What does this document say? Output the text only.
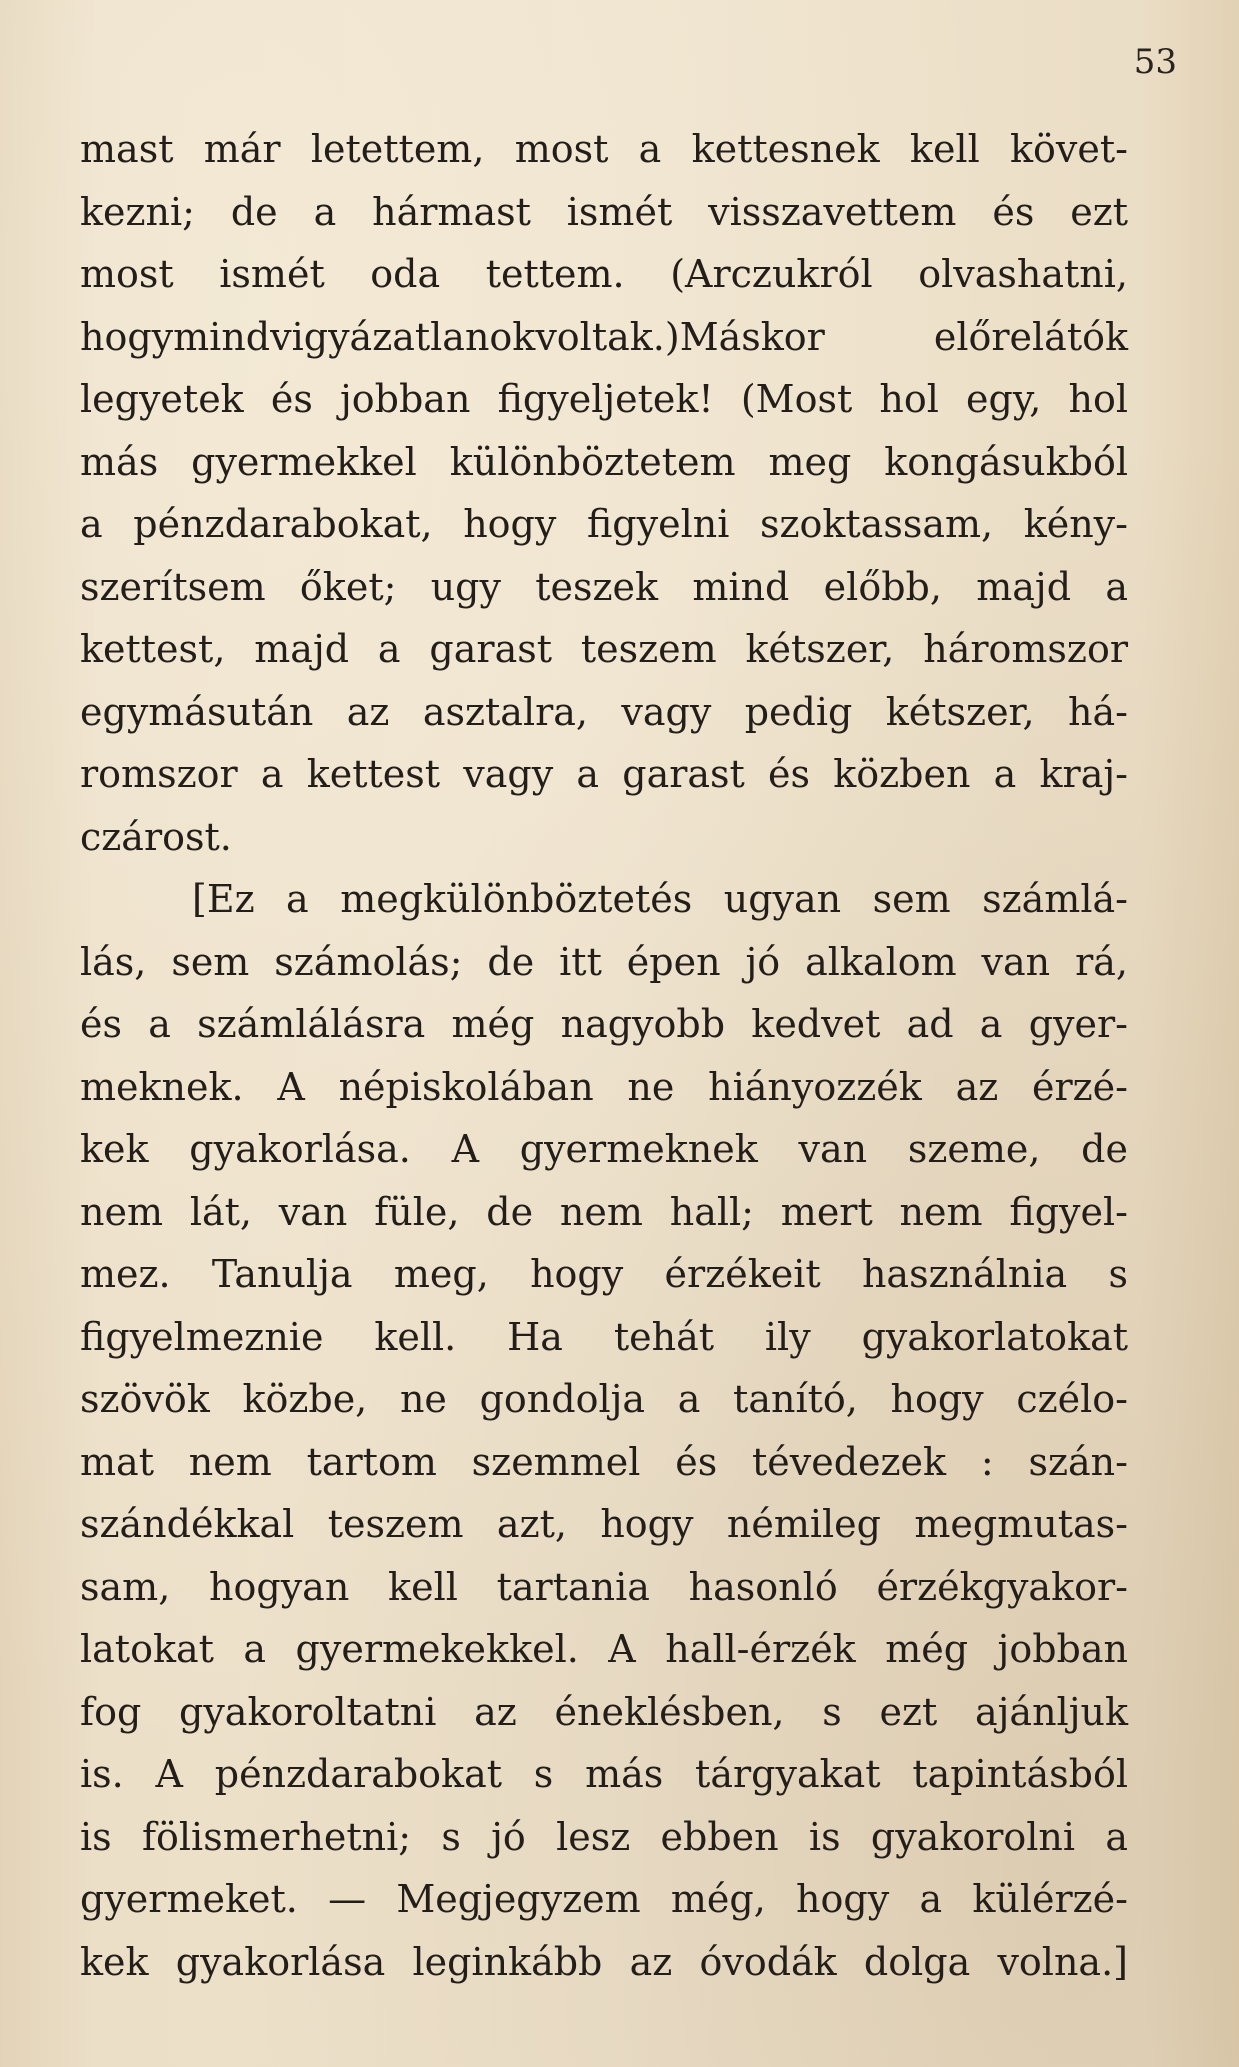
53
mast már letettem, most a kettesnek kell követ-
kezni; de a hármast ismét visszavettem és ezt
most ismét oda tettem. (Arczukról olvashatni,
hogymindvigyázatlanokvoltak.)Máskor előrelátók
legyetek és jobban figyeljetek! (Most hol egy, hol
más gyermekkel különböztetem meg kongásukból
a pénzdarabokat, hogy figyelni szoktassam, kény-
szerítsem őket; ugy teszek mind előbb, majd a
kettest, majd a garast teszem kétszer, háromszor
egymásután az asztalra, vagy pedig kétszer, há-
romszor a kettest vagy a garast és közben a kraj-
czárost.
[Ez a megkülönböztetés ugyan sem számlá-
lás, sem számolás; de itt épen jó alkalom van rá,
és a számlálásra még nagyobb kedvet ad a gyer-
meknek. A népiskolában ne hiányozzék az érzé-
kek gyakorlása. A gyermeknek van szeme, de
nem lát, van füle, de nem hall; mert nem figyel-
mez. Tanulja meg, hogy érzékeit használnia s
figyelmeznie kell. Ha tehát ily gyakorlatokat
szövök közbe, ne gondolja a tanító, hogy czélo-
mat nem tartom szemmel és tévedezek : szán-
szándékkal teszem azt, hogy némileg megmutas-
sam, hogyan kell tartania hasonló érzékgyakor-
latokat a gyermekekkel. A hall-érzék még jobban
fog gyakoroltatni az éneklésben, s ezt ajánljuk
is. A pénzdarabokat s más tárgyakat tapintásból
is fölismerhetni; s jó lesz ebben is gyakorolni a
gyermeket. — Megjegyzem még, hogy a külérzé-
kek gyakorlása leginkább az óvodák dolga volna.]
